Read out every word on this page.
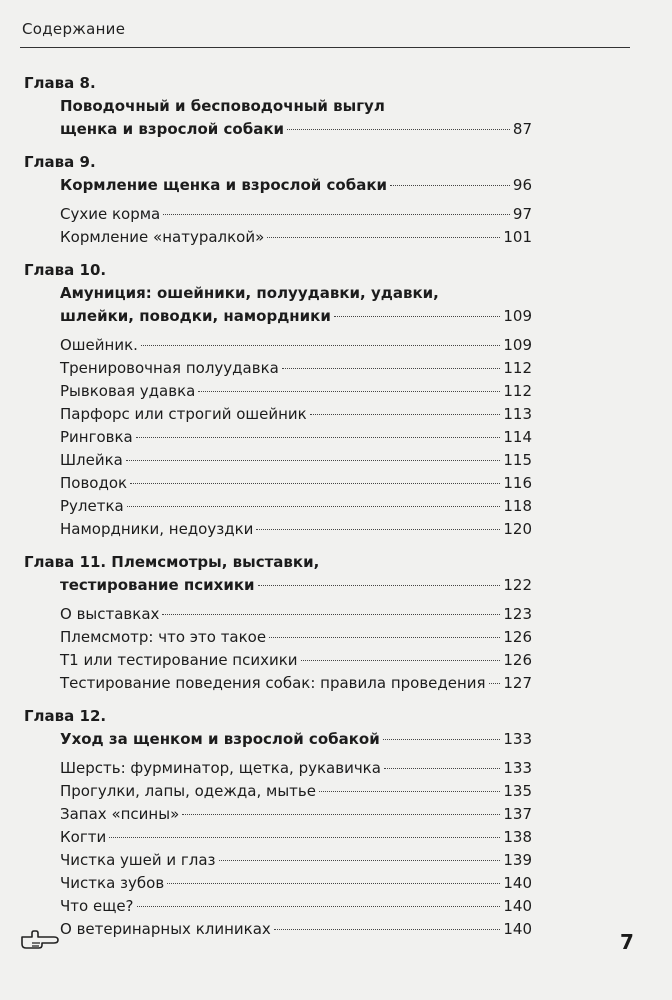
Содержание
Глава 8.
Поводочный и бесповодочный выгул
щенка и взрослой собаки	87
Глава 9.
Кормление щенка и взрослой собаки	96
Сухие корма	97
Кормление «натуралкой»	101
Глава 10.
Амуниция: ошейники, полуудавки, удавки,
шлейки, поводки, намордники	109
Ошейник.	109
Тренировочная полуудавка	112
Рывковая удавка	112
Парфорс или строгий ошейник	113
Ринговка	114
Шлейка	115
Поводок	116
Рулетка	118
Намордники, недоуздки	120
Глава 11. Племсмотры, выставки,
тестирование психики	122
О выставках	123
Племсмотр: что это такое	126
Т1 или тестирование психики	126
Тестирование поведения собак: правила проведения 127
Глава 12.
Уход за щенком и взрослой собакой	133
Шерсть: фурминатор, щетка, рукавичка	133
Прогулки, лапы, одежда, мытье	135
Запах «псины»	137
Когти	138
Чистка ушей и глаз	139
Чистка зубов	140
Что еще?	140
О ветеринарных клиниках	140
7
